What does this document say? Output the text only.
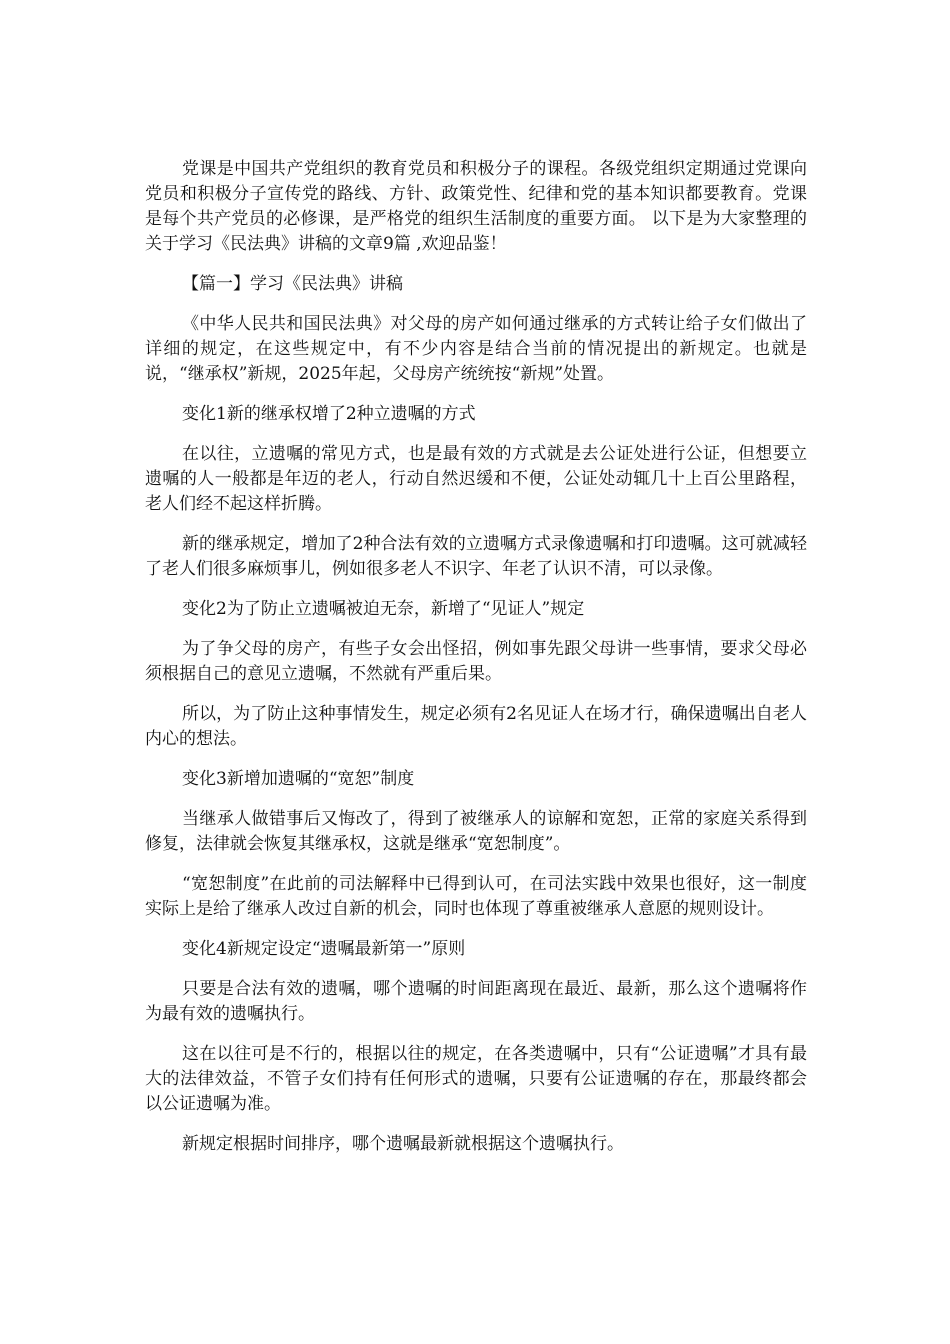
党课是中国共产党组织的教育党员和积极分子的课程。各级党组织定期通过党课向党员和积极分子宣传党的路线、方针、政策党性、纪律和党的基本知识都要教育。党课是每个共产党员的必修课，是严格党的组织生活制度的重要方面。 以下是为大家整理的关于学习《民法典》讲稿的文章9篇 ,欢迎品鉴！

【篇一】学习《民法典》讲稿

《中华人民共和国民法典》对父母的房产如何通过继承的方式转让给子女们做出了详细的规定，在这些规定中，有不少内容是结合当前的情况提出的新规定。也就是说，“继承权”新规，2025年起，父母房产统统按“新规”处置。

变化1新的继承权增了2种立遗嘱的方式

在以往，立遗嘱的常见方式，也是最有效的方式就是去公证处进行公证，但想要立遗嘱的人一般都是年迈的老人，行动自然迟缓和不便，公证处动辄几十上百公里路程，老人们经不起这样折腾。

新的继承规定，增加了2种合法有效的立遗嘱方式录像遗嘱和打印遗嘱。这可就减轻了老人们很多麻烦事儿，例如很多老人不识字、年老了认识不清，可以录像。

变化2为了防止立遗嘱被迫无奈，新增了“见证人”规定

为了争父母的房产，有些子女会出怪招，例如事先跟父母讲一些事情，要求父母必须根据自己的意见立遗嘱，不然就有严重后果。

所以，为了防止这种事情发生，规定必须有2名见证人在场才行，确保遗嘱出自老人内心的想法。

变化3新增加遗嘱的“宽恕”制度

当继承人做错事后又悔改了，得到了被继承人的谅解和宽恕，正常的家庭关系得到修复，法律就会恢复其继承权，这就是继承“宽恕制度”。

“宽恕制度”在此前的司法解释中已得到认可，在司法实践中效果也很好，这一制度实际上是给了继承人改过自新的机会，同时也体现了尊重被继承人意愿的规则设计。

变化4新规定设定“遗嘱最新第一”原则

只要是合法有效的遗嘱，哪个遗嘱的时间距离现在最近、最新，那么这个遗嘱将作为最有效的遗嘱执行。

这在以往可是不行的，根据以往的规定，在各类遗嘱中，只有“公证遗嘱”才具有最大的法律效益，不管子女们持有任何形式的遗嘱，只要有公证遗嘱的存在，那最终都会以公证遗嘱为准。

新规定根据时间排序，哪个遗嘱最新就根据这个遗嘱执行。
